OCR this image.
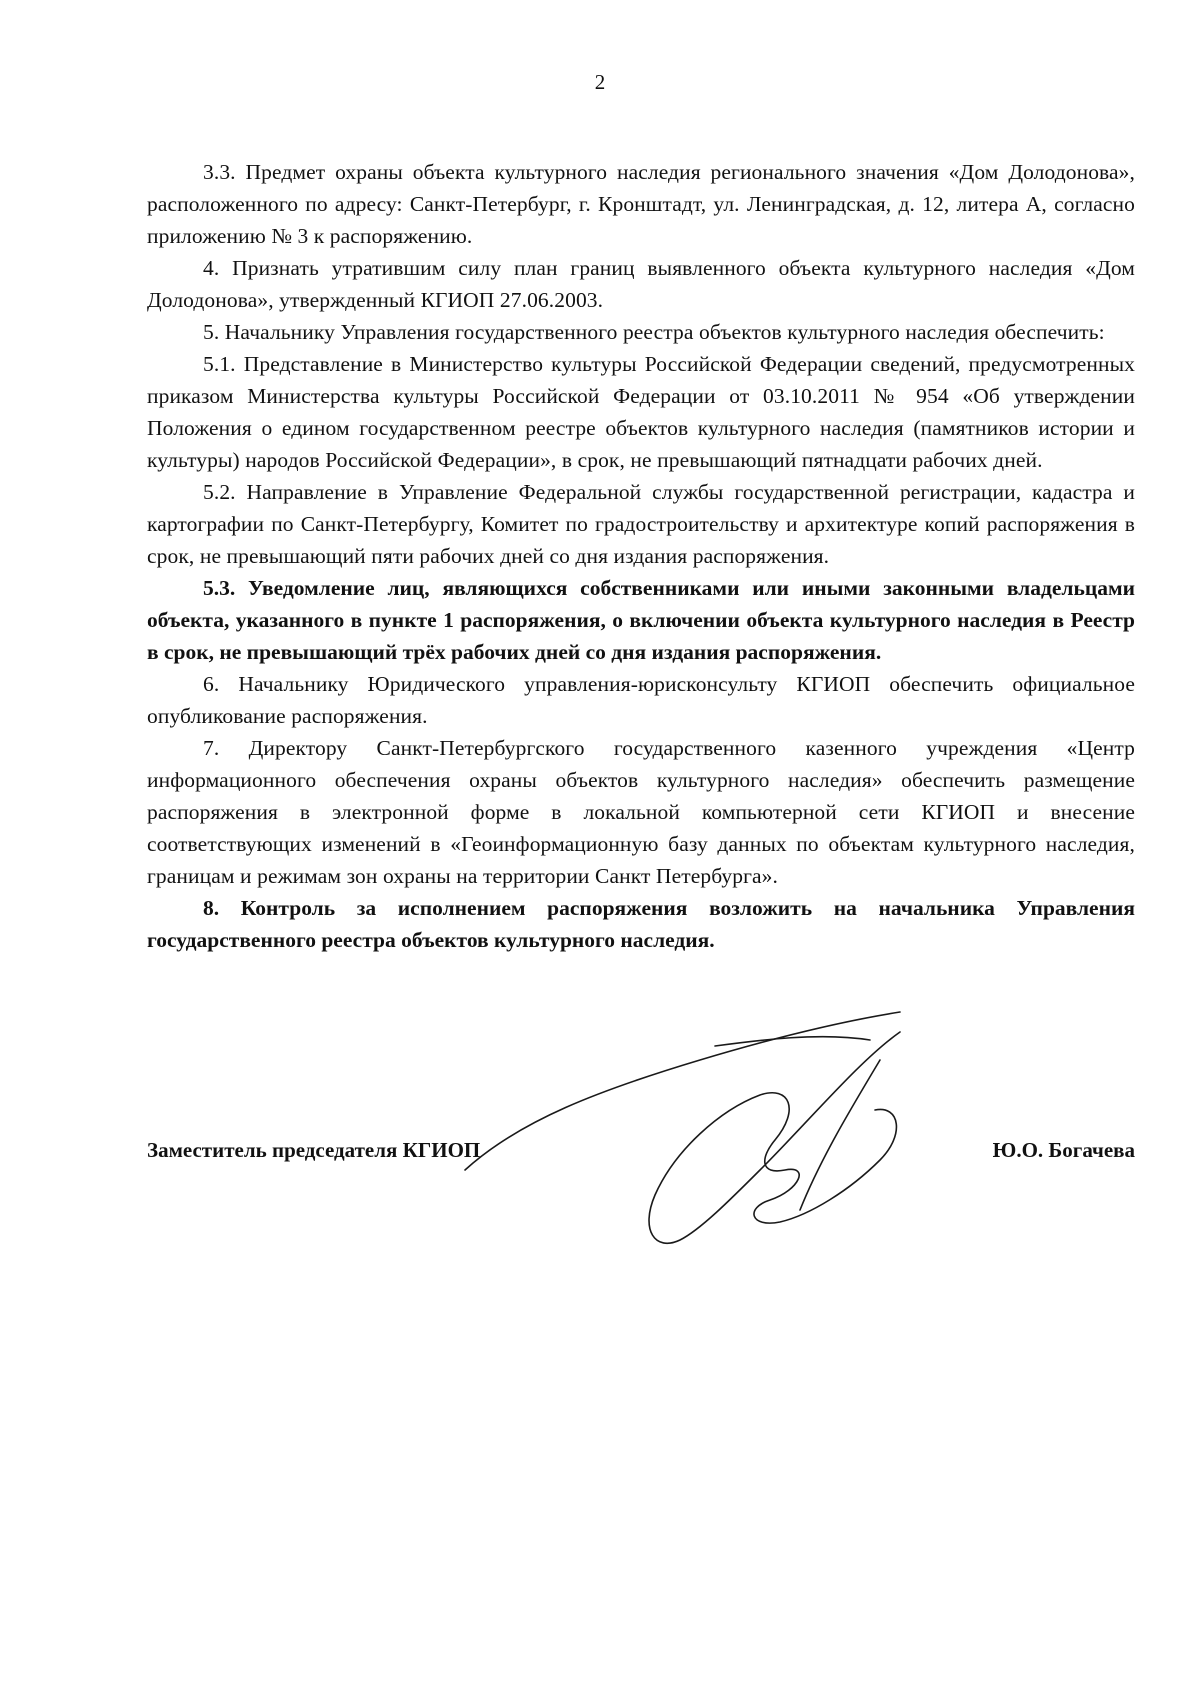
2

3.3. Предмет охраны объекта культурного наследия регионального значения «Дом Долодонова», расположенного по адресу: Санкт-Петербург, г. Кронштадт, ул. Ленинградская, д. 12, литера А, согласно приложению № 3 к распоряжению.

4. Признать утратившим силу план границ выявленного объекта культурного наследия «Дом Долодонова», утвержденный КГИОП 27.06.2003.

5. Начальнику Управления государственного реестра объектов культурного наследия обеспечить:

5.1. Представление в Министерство культуры Российской Федерации сведений, предусмотренных приказом Министерства культуры Российской Федерации от 03.10.2011 № 954 «Об утверждении Положения о едином государственном реестре объектов культурного наследия (памятников истории и культуры) народов Российской Федерации», в срок, не превышающий пятнадцати рабочих дней.

5.2. Направление в Управление Федеральной службы государственной регистрации, кадастра и картографии по Санкт-Петербургу, Комитет по градостроительству и архитектуре копий распоряжения в срок, не превышающий пяти рабочих дней со дня издания распоряжения.

5.3. Уведомление лиц, являющихся собственниками или иными законными владельцами объекта, указанного в пункте 1 распоряжения, о включении объекта культурного наследия в Реестр в срок, не превышающий трёх рабочих дней со дня издания распоряжения.

6. Начальнику Юридического управления-юрисконсульту КГИОП обеспечить официальное опубликование распоряжения.

7. Директору Санкт-Петербургского государственного казенного учреждения «Центр информационного обеспечения охраны объектов культурного наследия» обеспечить размещение распоряжения в электронной форме в локальной компьютерной сети КГИОП и внесение соответствующих изменений в «Геоинформационную базу данных по объектам культурного наследия, границам и режимам зон охраны на территории Санкт Петербурга».

8. Контроль за исполнением распоряжения возложить на начальника Управления государственного реестра объектов культурного наследия.

Заместитель председателя КГИОП	Ю.О. Богачева
